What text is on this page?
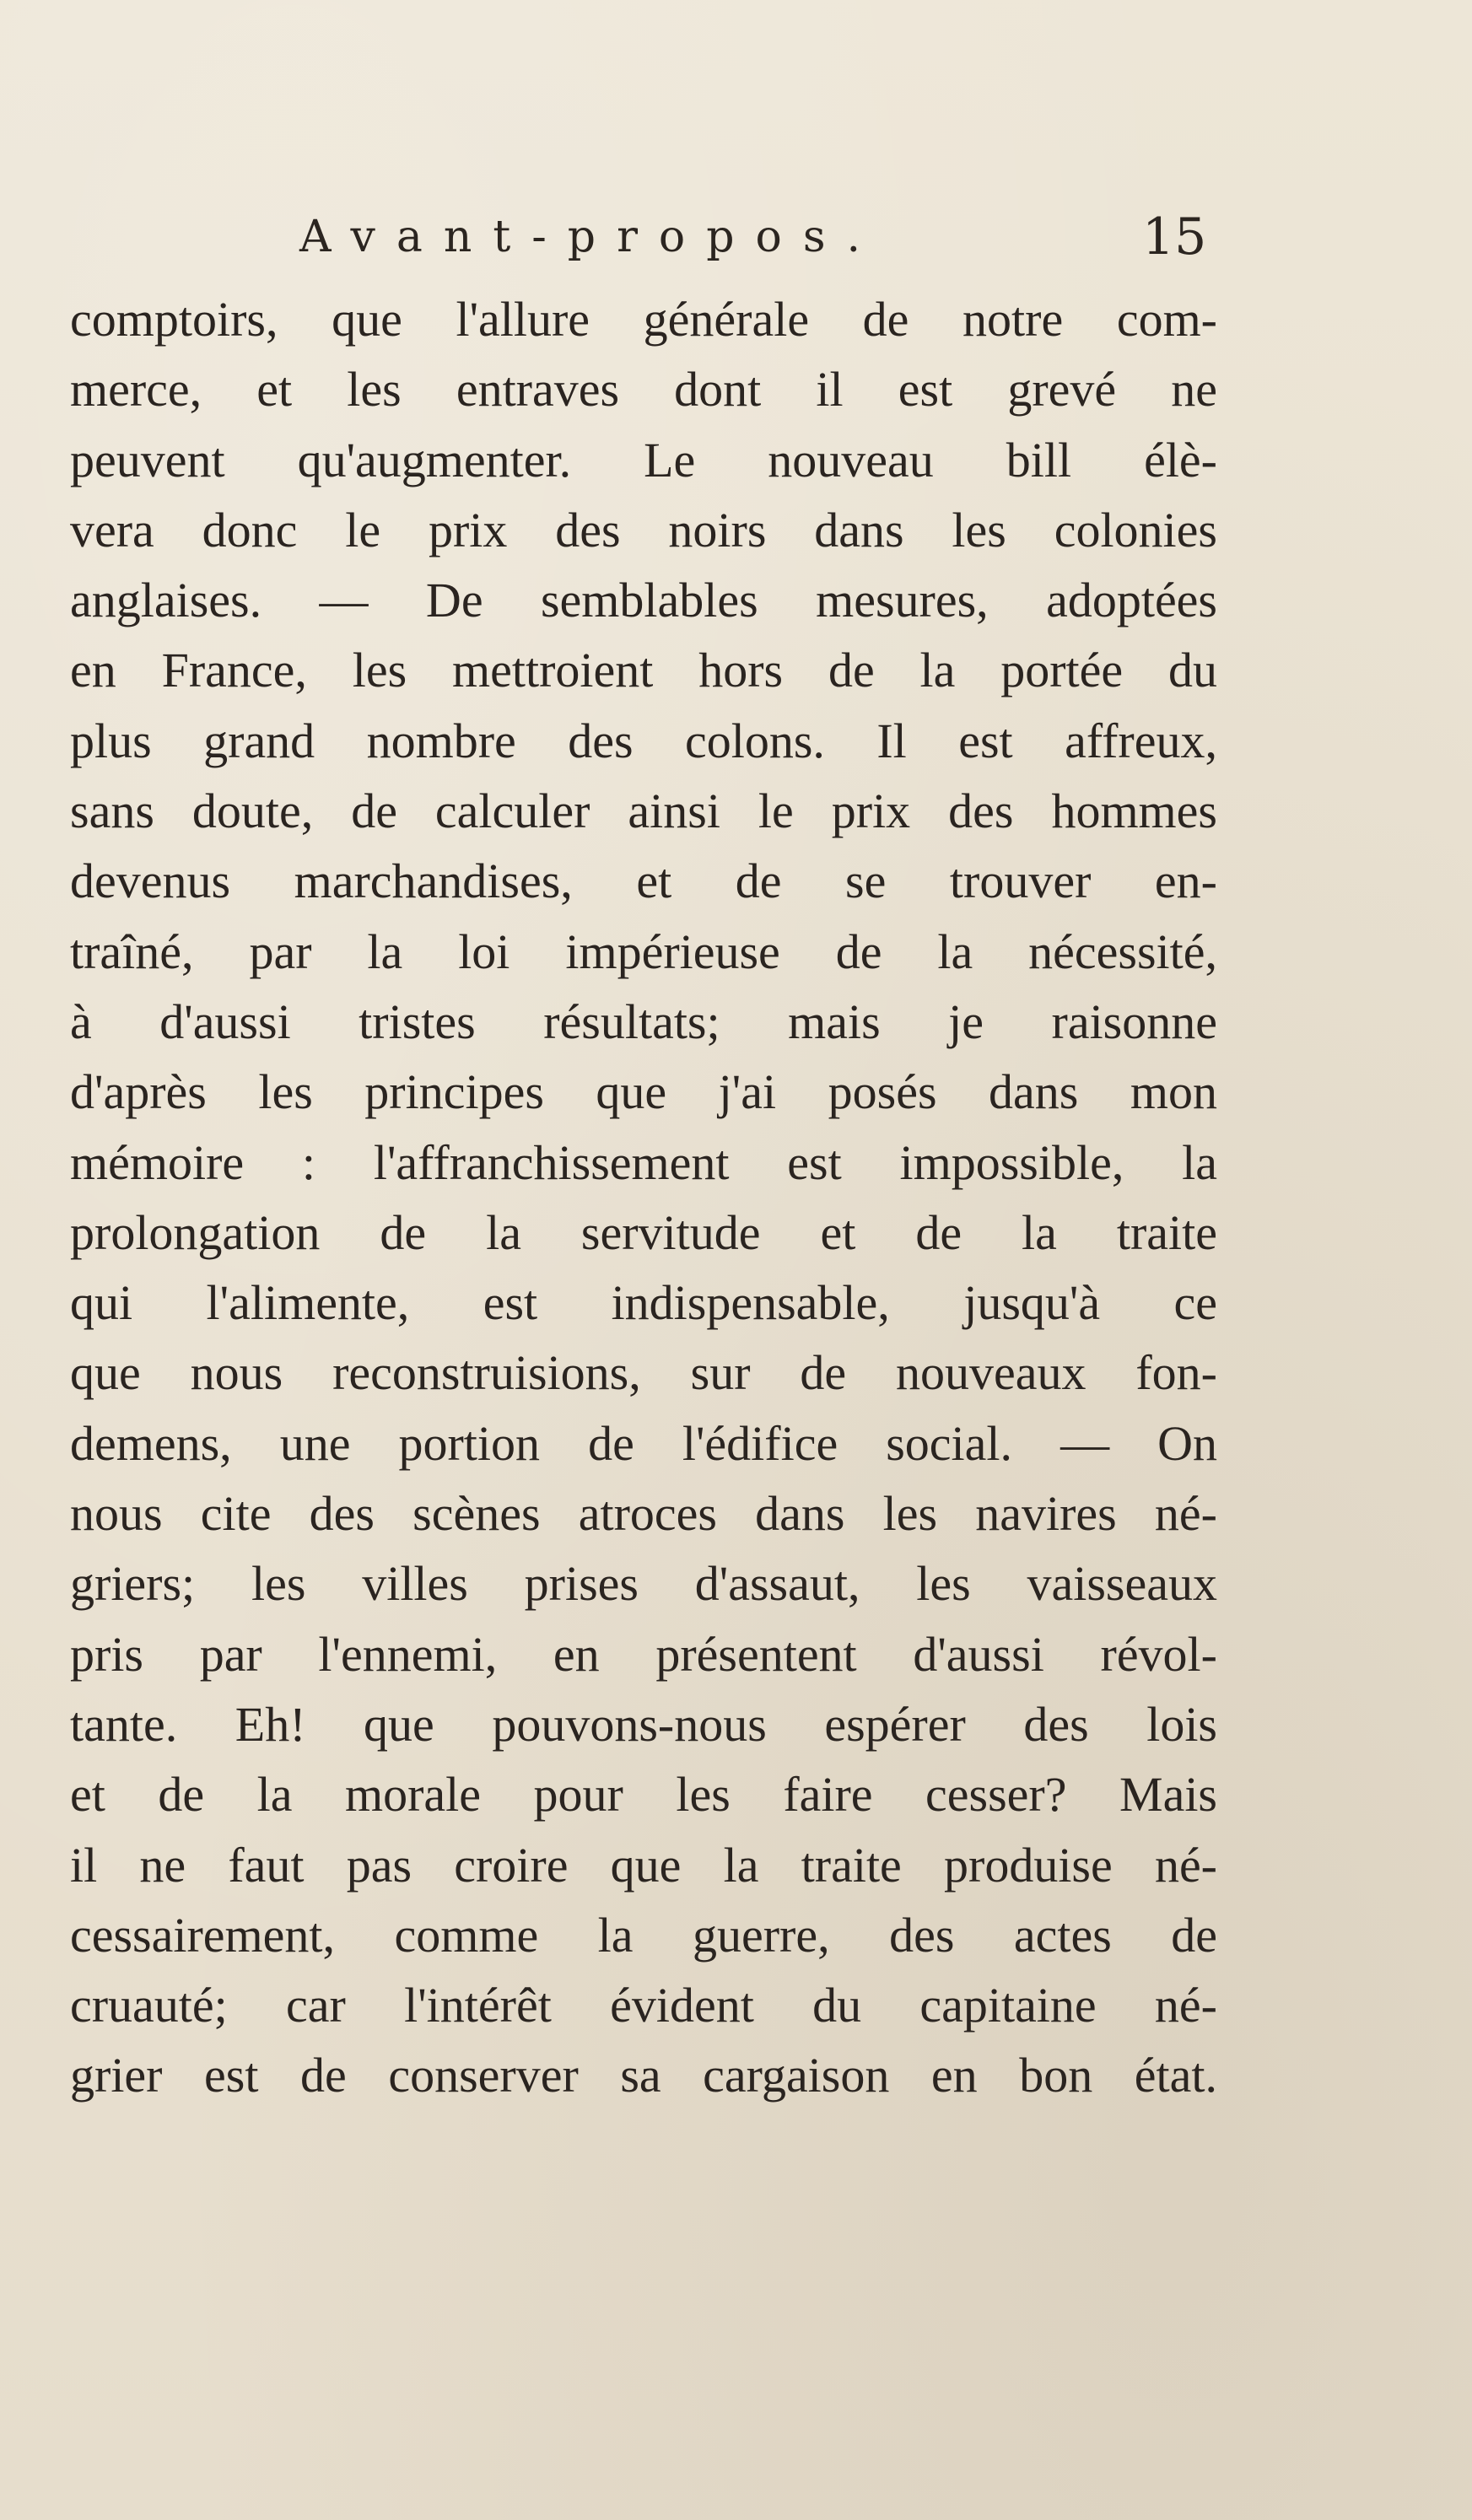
Avant-propos.	15
comptoirs, que l'allure générale de notre com-
merce, et les entraves dont il est grevé ne
peuvent qu'augmenter. Le nouveau bill élè-
vera donc le prix des noirs dans les colonies
anglaises. — De semblables mesures, adoptées
en France, les mettroient hors de la portée du
plus grand nombre des colons. Il est affreux,
sans doute, de calculer ainsi le prix des hommes
devenus marchandises, et de se trouver en-
traîné, par la loi impérieuse de la nécessité,
à d'aussi tristes résultats; mais je raisonne
d'après les principes que j'ai posés dans mon
mémoire : l'affranchissement est impossible, la
prolongation de la servitude et de la traite
qui l'alimente, est indispensable, jusqu'à ce
que nous reconstruisions, sur de nouveaux fon-
demens, une portion de l'édifice social. — On
nous cite des scènes atroces dans les navires né-
griers; les villes prises d'assaut, les vaisseaux
pris par l'ennemi, en présentent d'aussi révol-
tante. Eh! que pouvons-nous espérer des lois
et de la morale pour les faire cesser? Mais
il ne faut pas croire que la traite produise né-
cessairement, comme la guerre, des actes de
cruauté; car l'intérêt évident du capitaine né-
grier est de conserver sa cargaison en bon état.
